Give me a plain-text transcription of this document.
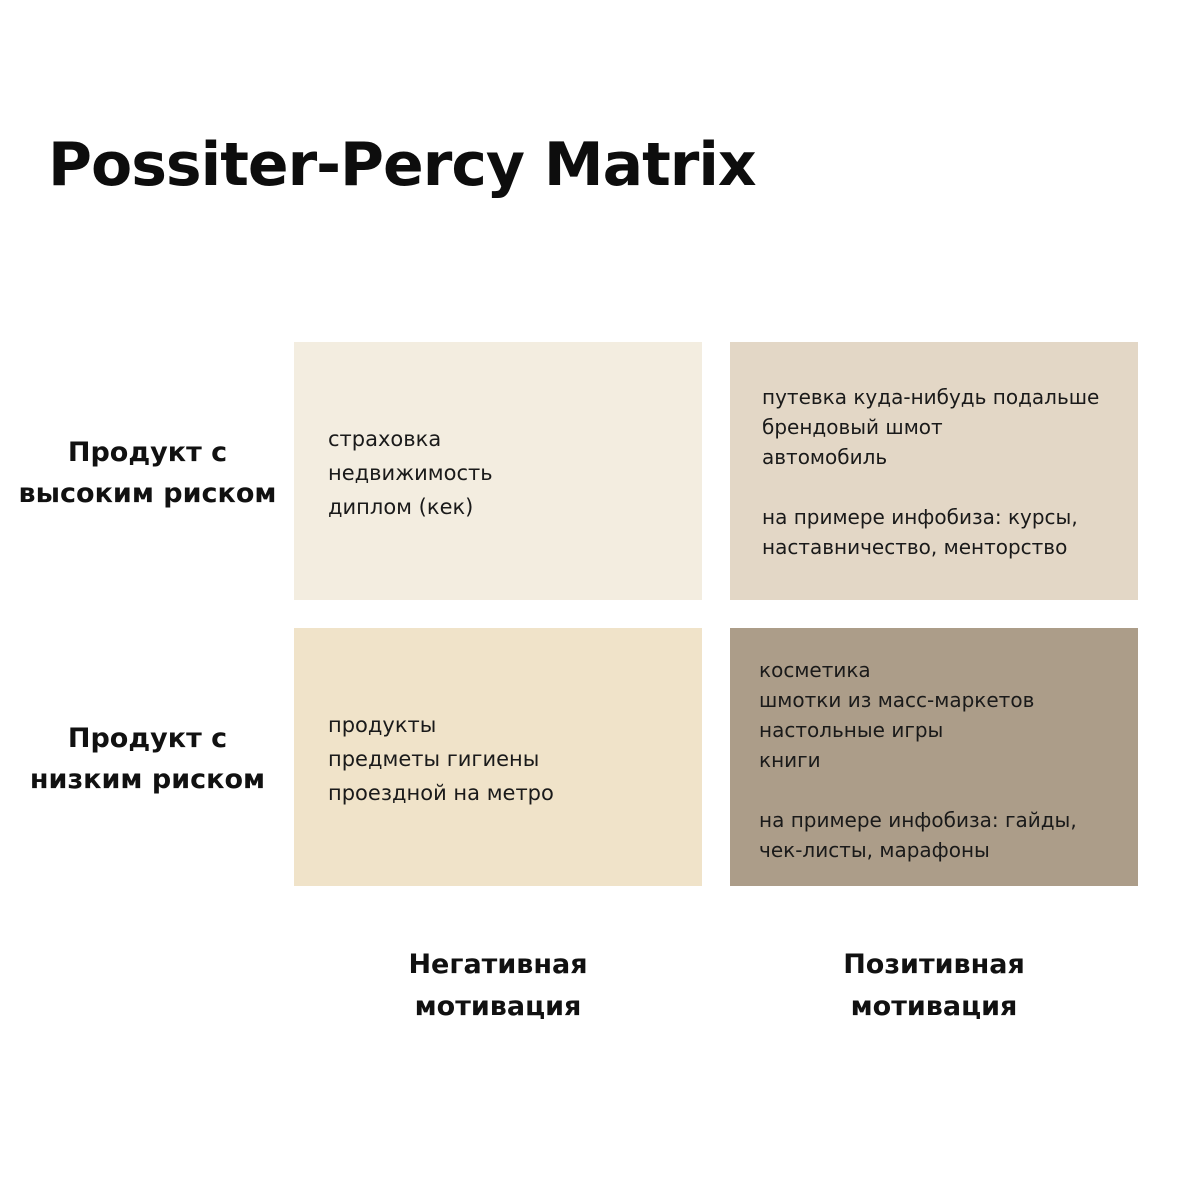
Possiter-Percy Matrix
Продукт с
высоким риском
Продукт с
низким риском
страховка
недвижимость
диплом (кек)
путевка куда-нибудь подальше
брендовый шмот
автомобиль
на примере инфобиза: курсы,
наставничество, менторство
продукты
предметы гигиены
проездной на метро
косметика
шмотки из масс-маркетов
настольные игры
книги
на примере инфобиза: гайды,
чек-листы, марафоны
Негативная
мотивация
Позитивная
мотивация
